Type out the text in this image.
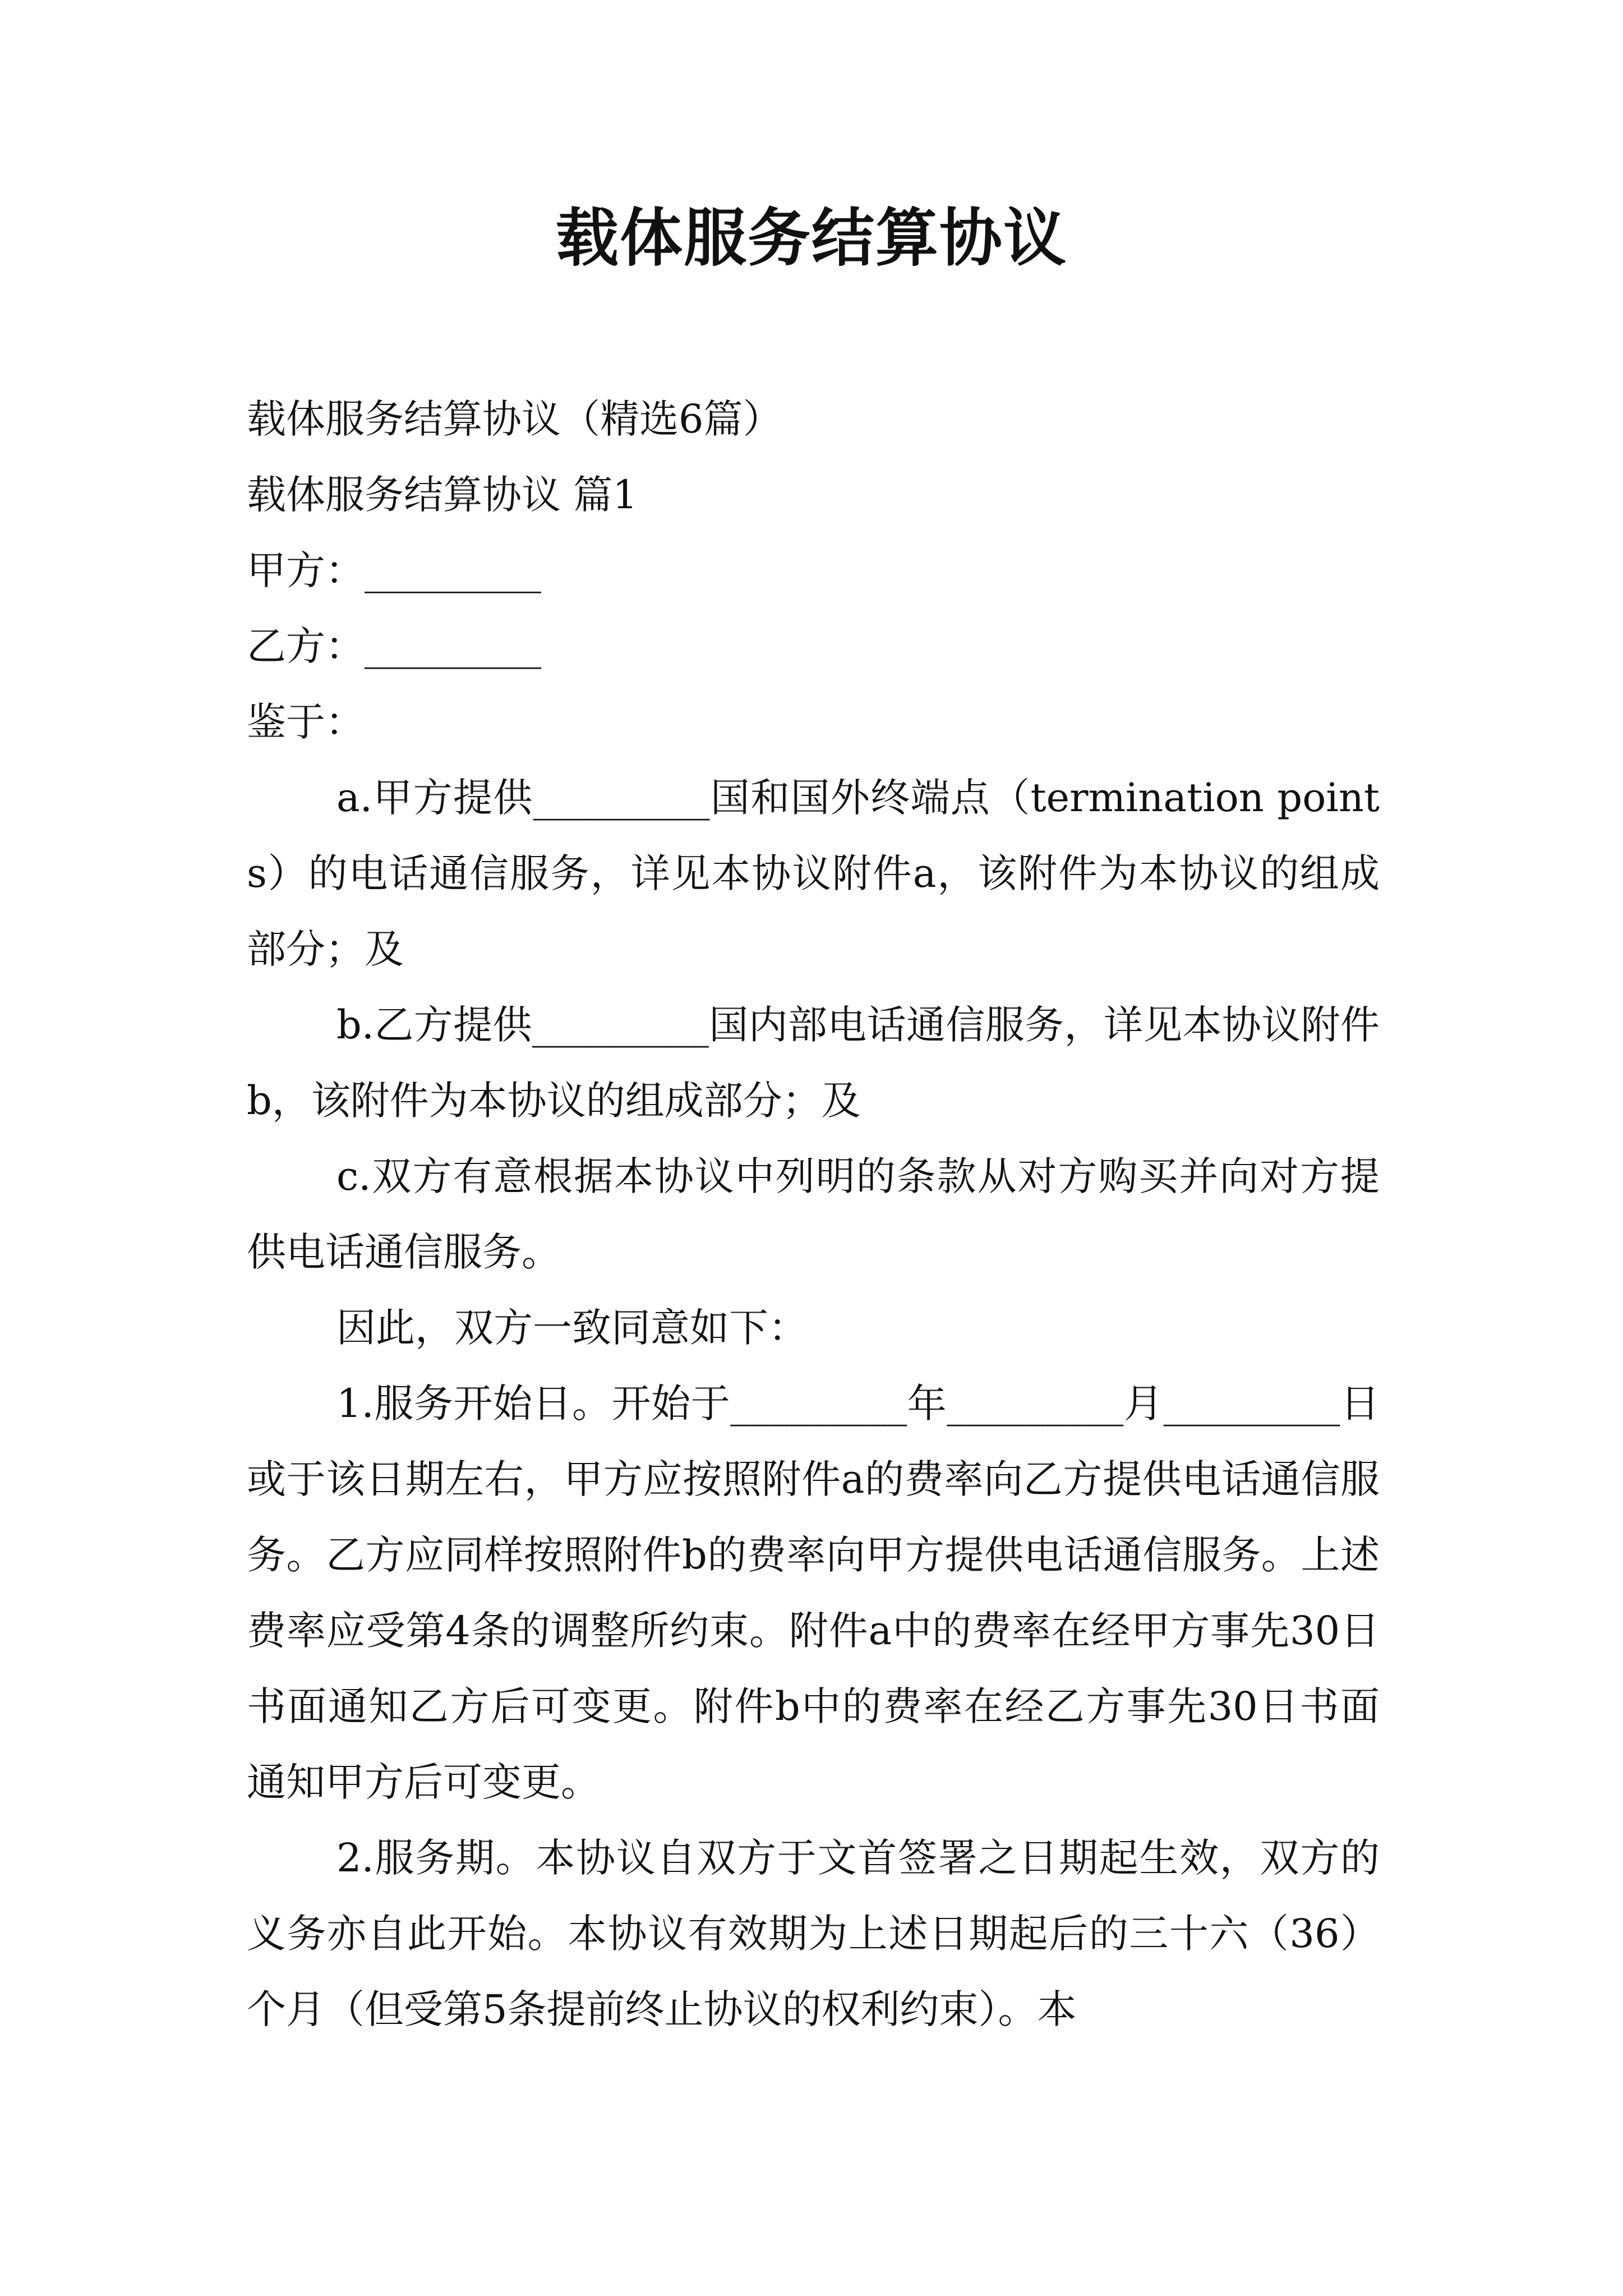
载体服务结算协议

载体服务结算协议（精选6篇）

载体服务结算协议 篇1

甲方：_________

乙方：_________

鉴于：

a.甲方提供_________国和国外终端点（termination points）的电话通信服务，详见本协议附件a，该附件为本协议的组成部分；及

b.乙方提供_________国内部电话通信服务，详见本协议附件b，该附件为本协议的组成部分；及

c.双方有意根据本协议中列明的条款从对方购买并向对方提供电话通信服务。

因此，双方一致同意如下：

1.服务开始日。开始于_________年_________月_________日或于该日期左右，甲方应按照附件a的费率向乙方提供电话通信服务。乙方应同样按照附件b的费率向甲方提供电话通信服务。上述费率应受第4条的调整所约束。附件a中的费率在经甲方事先30日书面通知乙方后可变更。附件b中的费率在经乙方事先30日书面通知甲方后可变更。

2.服务期。本协议自双方于文首签署之日期起生效，双方的义务亦自此开始。本协议有效期为上述日期起后的三十六（36）个月（但受第5条提前终止协议的权利约束）。本
